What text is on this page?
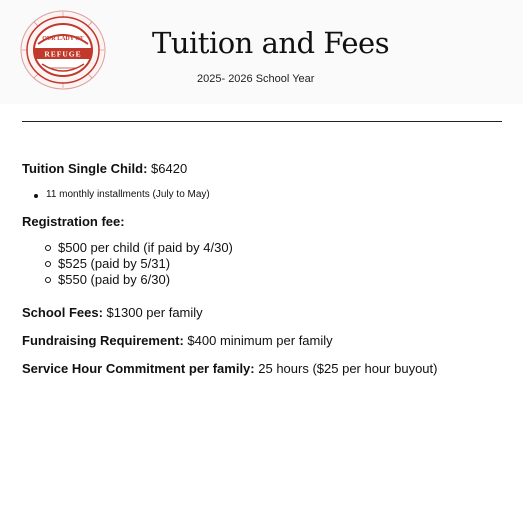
OUR LADY OF
REFUGE Tuition and Fees
2025- 2026 School Year
Tuition Single Child: $6420
11 monthly installments (July to May)
Registration fee:
$500 per child (if paid by 4/30)
$525 (paid by 5/31)
$550 (paid by 6/30)
School Fees: $1300 per family
Fundraising Requirement: $400 minimum per family
Service Hour Commitment per family: 25 hours ($25 per hour buyout)
